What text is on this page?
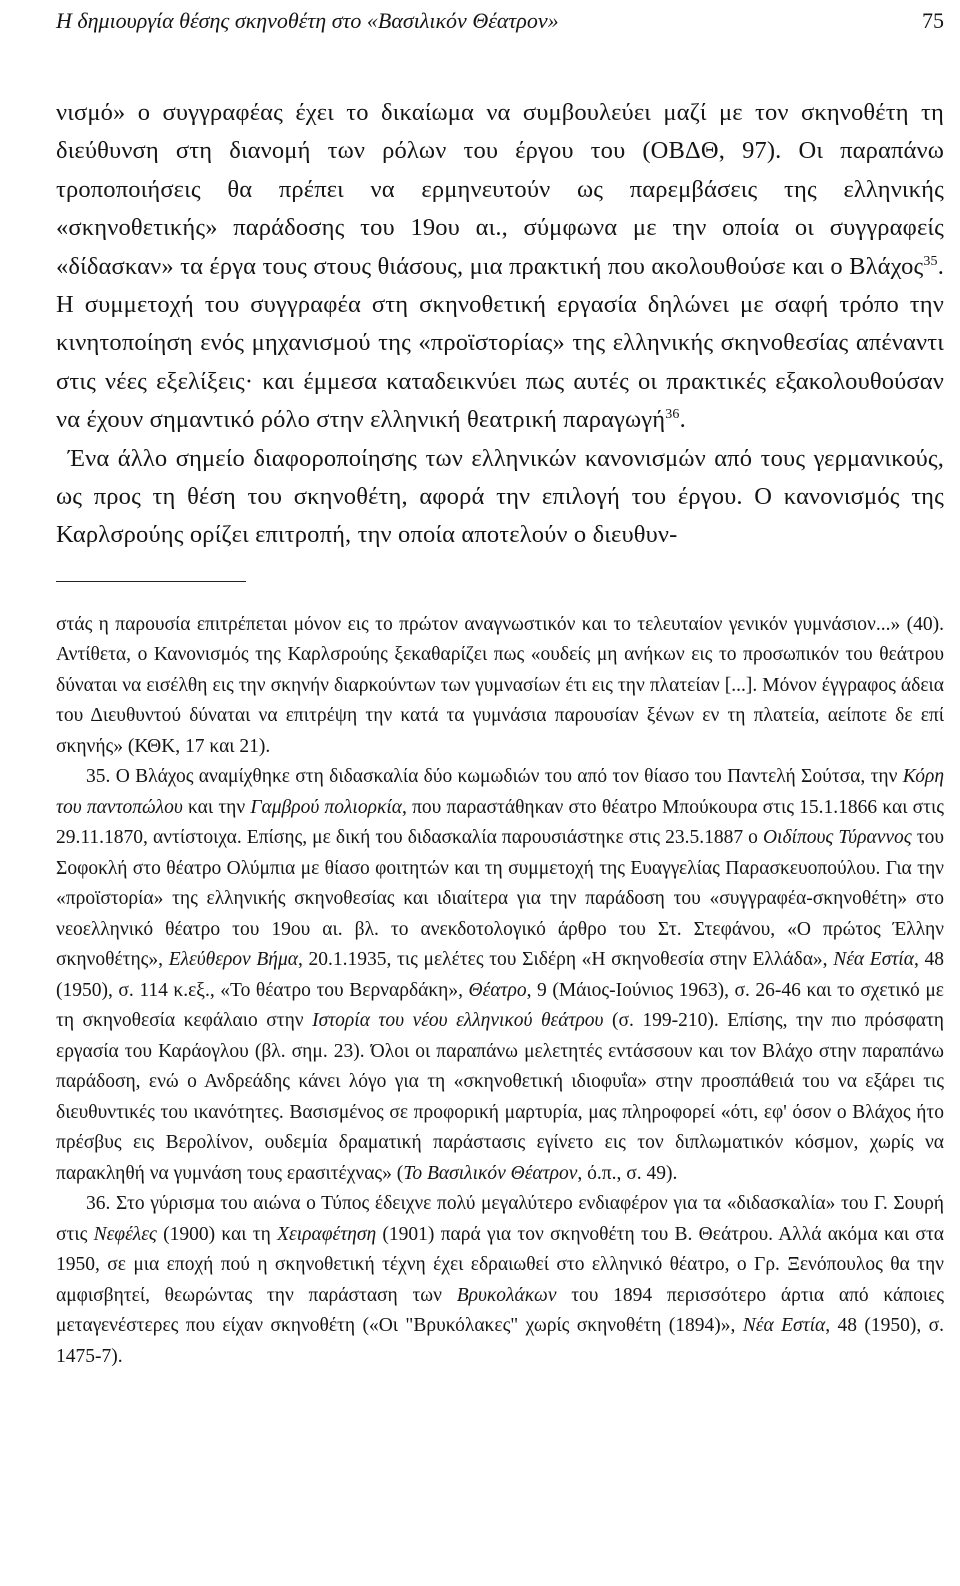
Η δημιουργία θέσης σκηνοθέτη στο «Βασιλικόν Θέατρον»	75

νισμό» ο συγγραφέας έχει το δικαίωμα να συμβουλεύει μαζί με τον σκηνοθέτη τη διεύθυνση στη διανομή των ρόλων του έργου του (ΟΒΔΘ, 97). Οι παραπάνω τροποποιήσεις θα πρέπει να ερμηνευτούν ως παρεμβάσεις της ελληνικής «σκηνοθετικής» παράδοσης του 19ου αι., σύμφωνα με την οποία οι συγγραφείς «δίδασκαν» τα έργα τους στους θιάσους, μια πρακτική που ακολουθούσε και ο Βλάχος$^{35}$. Η συμμετοχή του συγγραφέα στη σκηνοθετική εργασία δηλώνει με σαφή τρόπο την κινητοποίηση ενός μηχανισμού της «προϊστορίας» της ελληνικής σκηνοθεσίας απέναντι στις νέες εξελίξεις· και έμμεσα καταδεικνύει πως αυτές οι πρακτικές εξακολουθούσαν να έχουν σημαντικό ρόλο στην ελληνική θεατρική παραγωγή$^{36}$.

Ένα άλλο σημείο διαφοροποίησης των ελληνικών κανονισμών από τους γερμανικούς, ως προς τη θέση του σκηνοθέτη, αφορά την επιλογή του έργου. Ο κανονισμός της Καρλσρούης ορίζει επιτροπή, την οποία αποτελούν ο διευθυν-

στάς η παρουσία επιτρέπεται μόνον εις το πρώτον αναγνωστικόν και το τελευταίον γενικόν γυμνάσιον...» (40). Αντίθετα, ο Κανονισμός της Καρλσρούης ξεκαθαρίζει πως «ουδείς μη ανήκων εις το προσωπικόν του θεάτρου δύναται να εισέλθη εις την σκηνήν διαρκούντων των γυμνασίων έτι εις την πλατείαν [...]. Μόνον έγγραφος άδεια του Διευθυντού δύναται να επιτρέψη την κατά τα γυμνάσια παρουσίαν ξένων εν τη πλατεία, αείποτε δε επί σκηνής» (ΚΘΚ, 17 και 21).

35. Ο Βλάχος αναμίχθηκε στη διδασκαλία δύο κωμωδιών του από τον θίασο του Παντελή Σούτσα, την Κόρη του παντοπώλου και την Γαμβρού πολιορκία, που παραστάθηκαν στο θέατρο Μπούκουρα στις 15.1.1866 και στις 29.11.1870, αντίστοιχα. Επίσης, με δική του διδασκαλία παρουσιάστηκε στις 23.5.1887 ο Οιδίπους Τύραννος του Σοφοκλή στο θέατρο Ολύμπια με θίασο φοιτητών και τη συμμετοχή της Ευαγγελίας Παρασκευοπούλου. Για την «προϊστορία» της ελληνικής σκηνοθεσίας και ιδιαίτερα για την παράδοση του «συγγραφέα-σκηνοθέτη» στο νεοελληνικό θέατρο του 19ου αι. βλ. το ανεκδοτολογικό άρθρο του Στ. Στεφάνου, «Ο πρώτος Έλλην σκηνοθέτης», Ελεύθερον Βήμα, 20.1.1935, τις μελέτες του Σιδέρη «Η σκηνοθεσία στην Ελλάδα», Νέα Εστία, 48 (1950), σ. 114 κ.εξ., «Το θέατρο του Βερναρδάκη», Θέατρο, 9 (Μάιος-Ιούνιος 1963), σ. 26-46 και το σχετικό με τη σκηνοθεσία κεφάλαιο στην Ιστορία του νέου ελληνικού θεάτρου (σ. 199-210). Επίσης, την πιο πρόσφατη εργασία του Καράογλου (βλ. σημ. 23). Όλοι οι παραπάνω μελετητές εντάσσουν και τον Βλάχο στην παραπάνω παράδοση, ενώ ο Ανδρεάδης κάνει λόγο για τη «σκηνοθετική ιδιοφυΐα» στην προσπάθειά του να εξάρει τις διευθυντικές του ικανότητες. Βασισμένος σε προφορική μαρτυρία, μας πληροφορεί «ότι, εφ' όσον ο Βλάχος ήτο πρέσβυς εις Βερολίνον, ουδεμία δραματική παράστασις εγίνετο εις τον διπλωματικόν κόσμον, χωρίς να παρακληθή να γυμνάση τους ερασιτέχνας» (Το Βασιλικόν Θέατρον, ό.π., σ. 49).

36. Στο γύρισμα του αιώνα ο Τύπος έδειχνε πολύ μεγαλύτερο ενδιαφέρον για τα «διδασκαλία» του Γ. Σουρή στις Νεφέλες (1900) και τη Χειραφέτηση (1901) παρά για τον σκηνοθέτη του Β. Θεάτρου. Αλλά ακόμα και στα 1950, σε μια εποχή πού η σκηνοθετική τέχνη έχει εδραιωθεί στο ελληνικό θέατρο, ο Γρ. Ξενόπουλος θα την αμφισβητεί, θεωρώντας την παράσταση των Βρυκολάκων του 1894 περισσότερο άρτια από κάποιες μεταγενέστερες που είχαν σκηνοθέτη («Οι "Βρυκόλακες" χωρίς σκηνοθέτη (1894)», Νέα Εστία, 48 (1950), σ. 1475-7).
